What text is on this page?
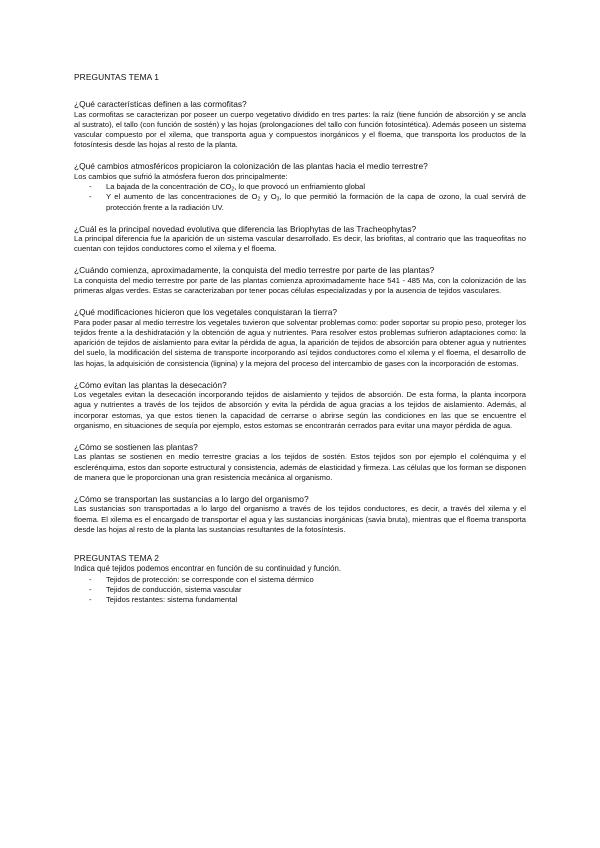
PREGUNTAS TEMA 1

¿Qué características definen a las cormofitas?

Las cormofitas se caracterizan por poseer un cuerpo vegetativo dividido en tres partes: la raíz (tiene función de absorción y se ancla al sustrato), el tallo (con función de sostén) y las hojas (prolongaciones del tallo con función fotosintética). Además poseen un sistema vascular compuesto por el xilema, que transporta agua y compuestos inorgánicos y el floema, que transporta los productos de la fotosíntesis desde las hojas al resto de la planta.

¿Qué cambios atmosféricos propiciaron la colonización de las plantas hacia el medio terrestre?

Los cambios que sufrió la atmósfera fueron dos principalmente:

- La bajada de la concentración de $CO_2$, lo que provocó un enfriamiento global
- Y el aumento de las concentraciones de $O_2$ y $O_3$, lo que permitió la formación de la capa de ozono, la cual servirá de protección frente a la radiación UV.

¿Cuál es la principal novedad evolutiva que diferencia las Briophytas de las Tracheophytas?

La principal diferencia fue la aparición de un sistema vascular desarrollado. Es decir, las briofitas, al contrario que las traqueofitas no cuentan con tejidos conductores como el xilema y el floema.

¿Cuándo comienza, aproximadamente, la conquista del medio terrestre por parte de las plantas?

La conquista del medio terrestre por parte de las plantas comienza aproximadamente hace 541 - 485 Ma, con la colonización de las primeras algas verdes. Estas se caracterizaban por tener pocas células especializadas y por la ausencia de tejidos vasculares.

¿Qué modificaciones hicieron que los vegetales conquistaran la tierra?

Para poder pasar al medio terrestre los vegetales tuvieron que solventar problemas como: poder soportar su propio peso, proteger los tejidos frente a la deshidratación y la obtención de agua y nutrientes. Para resolver estos problemas sufrieron adaptaciones como: la aparición de tejidos de aislamiento para evitar la pérdida de agua, la aparición de tejidos de absorción para obtener agua y nutrientes del suelo, la modificación del sistema de transporte incorporando así tejidos conductores como el xilema y el floema, el desarrollo de las hojas, la adquisición de consistencia (lignina) y la mejora del proceso del intercambio de gases con la incorporación de estomas.

¿Cómo evitan las plantas la desecación?

Los vegetales evitan la desecación incorporando tejidos de aislamiento y tejidos de absorción. De esta forma, la planta incorpora agua y nutrientes a través de los tejidos de absorción y evita la pérdida de agua gracias a los tejidos de aislamiento. Además, al incorporar estomas, ya que estos tienen la capacidad de cerrarse o abrirse según las condiciones en las que se encuentre el organismo, en situaciones de sequía por ejemplo, estos estomas se encontrarán cerrados para evitar una mayor pérdida de agua.

¿Cómo se sostienen las plantas?

Las plantas se sostienen en medio terrestre gracias a los tejidos de sostén. Estos tejidos son por ejemplo el colénquima y el esclerénquima, estos dan soporte estructural y consistencia, además de elasticidad y firmeza. Las células que los forman se disponen de manera que le proporcionan una gran resistencia mecánica al organismo.

¿Cómo se transportan las sustancias a lo largo del organismo?

Las sustancias son transportadas a lo largo del organismo a través de los tejidos conductores, es decir, a través del xilema y el floema. El xilema es el encargado de transportar el agua y las sustancias inorgánicas (savia bruta), mientras que el floema transporta desde las hojas al resto de la planta las sustancias resultantes de la fotosíntesis.

PREGUNTAS TEMA 2

Indica qué tejidos podemos encontrar en función de su continuidad y función.

- Tejidos de protección: se corresponde con el sistema dérmico
- Tejidos de conducción, sistema vascular
- Tejidos restantes: sistema fundamental
